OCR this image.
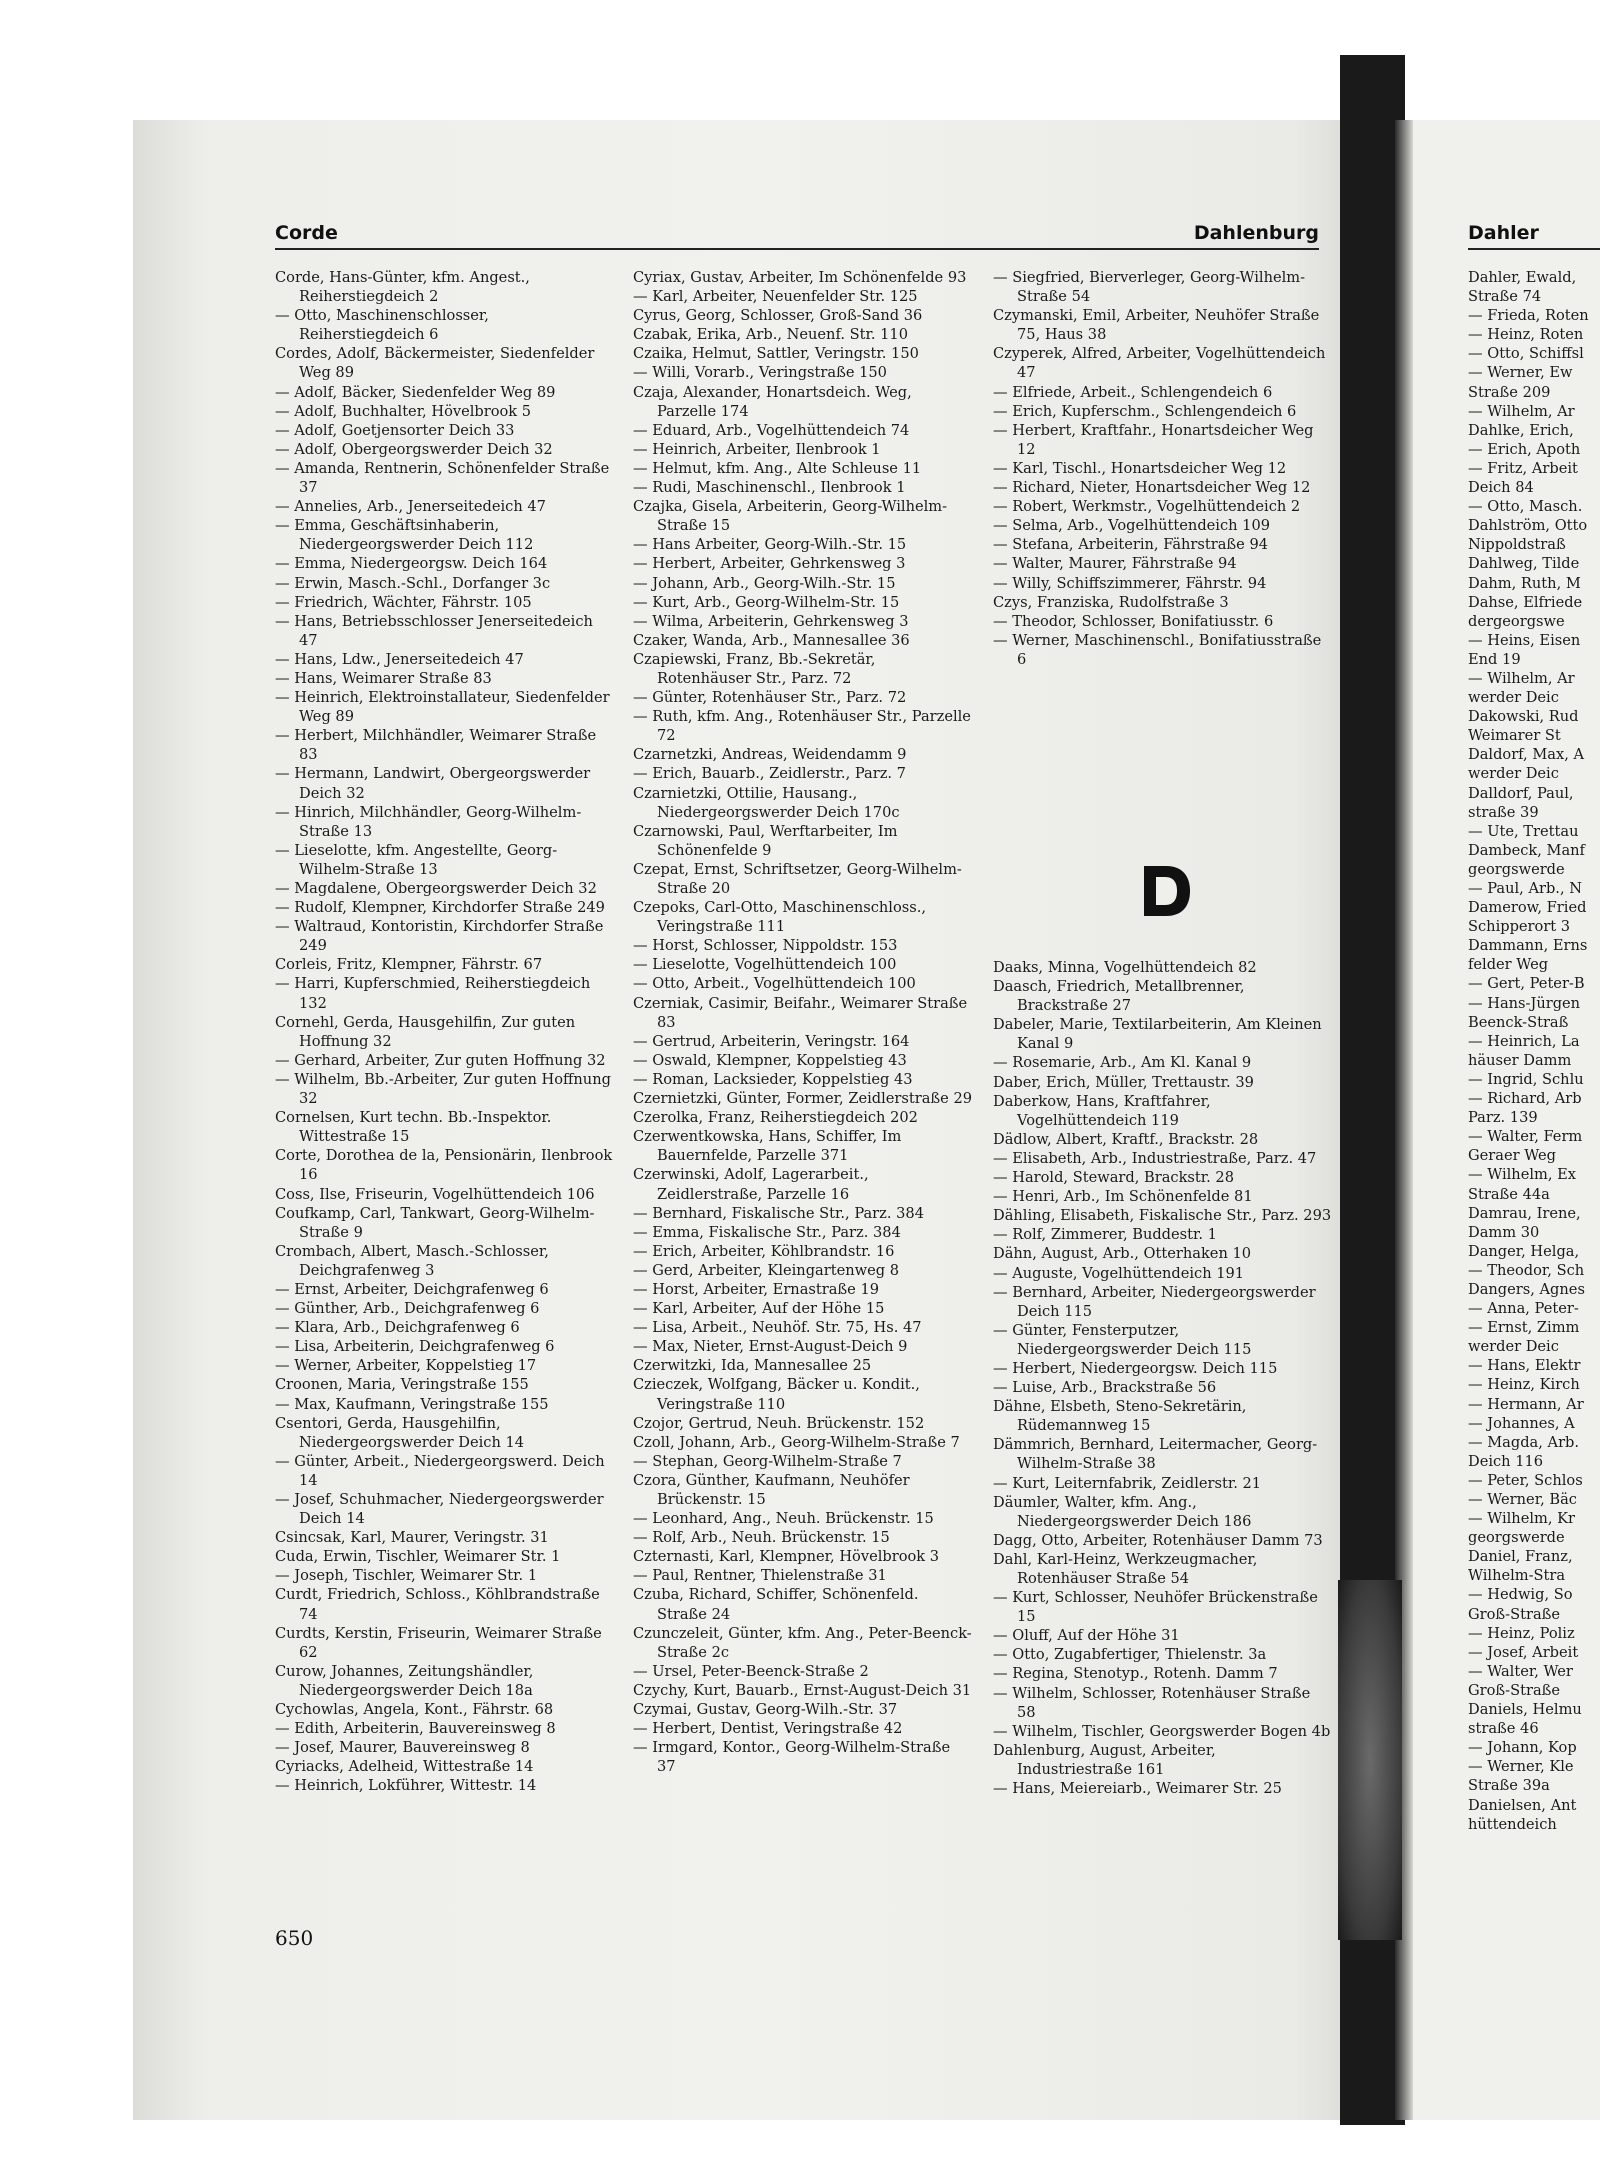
Corde	Dahlenburg	Dahler
Corde, Hans-Günter, kfm. Angest., Reiherstiegdeich 2
— Otto, Maschinenschlosser, Reiherstiegdeich 6
Cordes, Adolf, Bäckermeister, Siedenfelder Weg 89
— Adolf, Bäcker, Siedenfelder Weg 89
— Adolf, Buchhalter, Hövelbrook 5
— Adolf, Goetjensorter Deich 33
— Adolf, Obergeorgswerder Deich 32
— Amanda, Rentnerin, Schönenfelder Straße 37
— Annelies, Arb., Jenerseitedeich 47
— Emma, Geschäftsinhaberin, Niedergeorgswerder Deich 112
— Emma, Niedergeorgsw. Deich 164
— Erwin, Masch.-Schl., Dorfanger 3c
— Friedrich, Wächter, Fährstr. 105
— Hans, Betriebsschlosser Jenerseitedeich 47
— Hans, Ldw., Jenerseitedeich 47
— Hans, Weimarer Straße 83
— Heinrich, Elektroinstallateur, Siedenfelder Weg 89
— Herbert, Milchhändler, Weimarer Straße 83
— Hermann, Landwirt, Obergeorgswerder Deich 32
— Hinrich, Milchhändler, Georg-Wilhelm-Straße 13
— Lieselotte, kfm. Angestellte, Georg-Wilhelm-Straße 13
— Magdalene, Obergeorgswerder Deich 32
— Rudolf, Klempner, Kirchdorfer Straße 249
— Waltraud, Kontoristin, Kirchdorfer Straße 249
Corleis, Fritz, Klempner, Fährstr. 67
— Harri, Kupferschmied, Reiherstiegdeich 132
Cornehl, Gerda, Hausgehilfin, Zur guten Hoffnung 32
— Gerhard, Arbeiter, Zur guten Hoffnung 32
— Wilhelm, Bb.-Arbeiter, Zur guten Hoffnung 32
Cornelsen, Kurt techn. Bb.-Inspektor. Wittestraße 15
Corte, Dorothea de la, Pensionärin, Ilenbrook 16
Coss, Ilse, Friseurin, Vogelhüttendeich 106
Coufkamp, Carl, Tankwart, Georg-Wilhelm-Straße 9
Crombach, Albert, Masch.-Schlosser, Deichgrafenweg 3
— Ernst, Arbeiter, Deichgrafenweg 6
— Günther, Arb., Deichgrafenweg 6
— Klara, Arb., Deichgrafenweg 6
— Lisa, Arbeiterin, Deichgrafenweg 6
— Werner, Arbeiter, Koppelstieg 17
Croonen, Maria, Veringstraße 155
— Max, Kaufmann, Veringstraße 155
Csentori, Gerda, Hausgehilfin, Niedergeorgswerder Deich 14
— Günter, Arbeit., Niedergeorgswerd. Deich 14
— Josef, Schuhmacher, Niedergeorgswerder Deich 14
Csincsak, Karl, Maurer, Veringstr. 31
Cuda, Erwin, Tischler, Weimarer Str. 1
— Joseph, Tischler, Weimarer Str. 1
Curdt, Friedrich, Schloss., Köhlbrandstraße 74
Curdts, Kerstin, Friseurin, Weimarer Straße 62
Curow, Johannes, Zeitungshändler, Niedergeorgswerder Deich 18a
Cychowlas, Angela, Kont., Fährstr. 68
— Edith, Arbeiterin, Bauvereinsweg 8
— Josef, Maurer, Bauvereinsweg 8
Cyriacks, Adelheid, Wittestraße 14
— Heinrich, Lokführer, Wittestr. 14
Cyriax, Gustav, Arbeiter, Im Schönenfelde 93
— Karl, Arbeiter, Neuenfelder Str. 125
Cyrus, Georg, Schlosser, Groß-Sand 36
Czabak, Erika, Arb., Neuenf. Str. 110
Czaika, Helmut, Sattler, Veringstr. 150
— Willi, Vorarb., Veringstraße 150
Czaja, Alexander, Honartsdeich. Weg, Parzelle 174
— Eduard, Arb., Vogelhüttendeich 74
— Heinrich, Arbeiter, Ilenbrook 1
— Helmut, kfm. Ang., Alte Schleuse 11
— Rudi, Maschinenschl., Ilenbrook 1
Czajka, Gisela, Arbeiterin, Georg-Wilhelm-Straße 15
— Hans Arbeiter, Georg-Wilh.-Str. 15
— Herbert, Arbeiter, Gehrkensweg 3
— Johann, Arb., Georg-Wilh.-Str. 15
— Kurt, Arb., Georg-Wilhelm-Str. 15
— Wilma, Arbeiterin, Gehrkensweg 3
Czaker, Wanda, Arb., Mannesallee 36
Czapiewski, Franz, Bb.-Sekretär, Rotenhäuser Str., Parz. 72
— Günter, Rotenhäuser Str., Parz. 72
— Ruth, kfm. Ang., Rotenhäuser Str., Parzelle 72
Czarnetzki, Andreas, Weidendamm 9
— Erich, Bauarb., Zeidlerstr., Parz. 7
Czarnietzki, Ottilie, Hausang., Niedergeorgswerder Deich 170c
Czarnowski, Paul, Werftarbeiter, Im Schönenfelde 9
Czepat, Ernst, Schriftsetzer, Georg-Wilhelm-Straße 20
Czepoks, Carl-Otto, Maschinenschloss., Veringstraße 111
— Horst, Schlosser, Nippoldstr. 153
— Lieselotte, Vogelhüttendeich 100
— Otto, Arbeit., Vogelhüttendeich 100
Czerniak, Casimir, Beifahr., Weimarer Straße 83
— Gertrud, Arbeiterin, Veringstr. 164
— Oswald, Klempner, Koppelstieg 43
— Roman, Lacksieder, Koppelstieg 43
Czernietzki, Günter, Former, Zeidlerstraße 29
Czerolka, Franz, Reiherstiegdeich 202
Czerwentkowska, Hans, Schiffer, Im Bauernfelde, Parzelle 371
Czerwinski, Adolf, Lagerarbeit., Zeidlerstraße, Parzelle 16
— Bernhard, Fiskalische Str., Parz. 384
— Emma, Fiskalische Str., Parz. 384
— Erich, Arbeiter, Köhlbrandstr. 16
— Gerd, Arbeiter, Kleingartenweg 8
— Horst, Arbeiter, Ernastraße 19
— Karl, Arbeiter, Auf der Höhe 15
— Lisa, Arbeit., Neuhöf. Str. 75, Hs. 47
— Max, Nieter, Ernst-August-Deich 9
Czerwitzki, Ida, Mannesallee 25
Czieczek, Wolfgang, Bäcker u. Kondit., Veringstraße 110
Czojor, Gertrud, Neuh. Brückenstr. 152
Czoll, Johann, Arb., Georg-Wilhelm-Straße 7
— Stephan, Georg-Wilhelm-Straße 7
Czora, Günther, Kaufmann, Neuhöfer Brückenstr. 15
— Leonhard, Ang., Neuh. Brückenstr. 15
— Rolf, Arb., Neuh. Brückenstr. 15
Czternasti, Karl, Klempner, Hövelbrook 3
— Paul, Rentner, Thielenstraße 31
Czuba, Richard, Schiffer, Schönenfeld. Straße 24
Czunczeleit, Günter, kfm. Ang., Peter-Beenck-Straße 2c
— Ursel, Peter-Beenck-Straße 2
Czychy, Kurt, Bauarb., Ernst-August-Deich 31
Czymai, Gustav, Georg-Wilh.-Str. 37
— Herbert, Dentist, Veringstraße 42
— Irmgard, Kontor., Georg-Wilhelm-Straße 37
— Siegfried, Bierverleger, Georg-Wilhelm-Straße 54
Czymanski, Emil, Arbeiter, Neuhöfer Straße 75, Haus 38
Czyperek, Alfred, Arbeiter, Vogelhüttendeich 47
— Elfriede, Arbeit., Schlengendeich 6
— Erich, Kupferschm., Schlengendeich 6
— Herbert, Kraftfahr., Honartsdeicher Weg 12
— Karl, Tischl., Honartsdeicher Weg 12
— Richard, Nieter, Honartsdeicher Weg 12
— Robert, Werkmstr., Vogelhüttendeich 2
— Selma, Arb., Vogelhüttendeich 109
— Stefana, Arbeiterin, Fährstraße 94
— Walter, Maurer, Fährstraße 94
— Willy, Schiffszimmerer, Fährstr. 94
Czys, Franziska, Rudolfstraße 3
— Theodor, Schlosser, Bonifatiusstr. 6
— Werner, Maschinenschl., Bonifatiusstraße 6
D
Daaks, Minna, Vogelhüttendeich 82
Daasch, Friedrich, Metallbrenner, Brackstraße 27
Dabeler, Marie, Textilarbeiterin, Am Kleinen Kanal 9
— Rosemarie, Arb., Am Kl. Kanal 9
Daber, Erich, Müller, Trettaustr. 39
Daberkow, Hans, Kraftfahrer, Vogelhüttendeich 119
Dädlow, Albert, Kraftf., Brackstr. 28
— Elisabeth, Arb., Industriestraße, Parz. 47
— Harold, Steward, Brackstr. 28
— Henri, Arb., Im Schönenfelde 81
Dähling, Elisabeth, Fiskalische Str., Parz. 293
— Rolf, Zimmerer, Buddestr. 1
Dähn, August, Arb., Otterhaken 10
— Auguste, Vogelhüttendeich 191
— Bernhard, Arbeiter, Niedergeorgswerder Deich 115
— Günter, Fensterputzer, Niedergeorgswerder Deich 115
— Herbert, Niedergeorgsw. Deich 115
— Luise, Arb., Brackstraße 56
Dähne, Elsbeth, Steno-Sekretärin, Rüdemannweg 15
Dämmrich, Bernhard, Leitermacher, Georg-Wilhelm-Straße 38
— Kurt, Leiternfabrik, Zeidlerstr. 21
Däumler, Walter, kfm. Ang., Niedergeorgswerder Deich 186
Dagg, Otto, Arbeiter, Rotenhäuser Damm 73
Dahl, Karl-Heinz, Werkzeugmacher, Rotenhäuser Straße 54
— Kurt, Schlosser, Neuhöfer Brückenstraße 15
— Oluff, Auf der Höhe 31
— Otto, Zugabfertiger, Thielenstr. 3a
— Regina, Stenotyp., Rotenh. Damm 7
— Wilhelm, Schlosser, Rotenhäuser Straße 58
— Wilhelm, Tischler, Georgswerder Bogen 4b
Dahlenburg, August, Arbeiter, Industriestraße 161
— Hans, Meiereiarb., Weimarer Str. 25
Dahler, Ewald,
Straße 74
— Frieda, Roten
— Heinz, Roten
— Otto, Schiffsl
— Werner, Ew
Straße 209
— Wilhelm, Ar
Dahlke, Erich,
— Erich, Apoth
— Fritz, Arbeit
Deich 84
— Otto, Masch.
Dahlström, Otto
Nippoldstraß
Dahlweg, Tilde
Dahm, Ruth, M
Dahse, Elfriede
dergeorgswe
— Heins, Eisen
End 19
— Wilhelm, Ar
werder Deic
Dakowski, Rud
Weimarer St
Daldorf, Max, A
werder Deic
Dalldorf, Paul,
straße 39
— Ute, Trettau
Dambeck, Manf
georgswerde
— Paul, Arb., N
Damerow, Fried
Schipperort 3
Dammann, Erns
felder Weg
— Gert, Peter-B
— Hans-Jürgen
Beenck-Straß
— Heinrich, La
häuser Damm
— Ingrid, Schlu
— Richard, Arb
Parz. 139
— Walter, Ferm
Geraer Weg
— Wilhelm, Ex
Straße 44a
Damrau, Irene,
Damm 30
Danger, Helga,
— Theodor, Sch
Dangers, Agnes
— Anna, Peter-
— Ernst, Zimm
werder Deic
— Hans, Elektr
— Heinz, Kirch
— Hermann, Ar
— Johannes, A
— Magda, Arb.
Deich 116
— Peter, Schlos
— Werner, Bäc
— Wilhelm, Kr
georgswerde
Daniel, Franz,
Wilhelm-Stra
— Hedwig, So
Groß-Straße
— Heinz, Poliz
— Josef, Arbeit
— Walter, Wer
Groß-Straße
Daniels, Helmu
straße 46
— Johann, Kop
— Werner, Kle
Straße 39a
Danielsen, Ant
hüttendeich
650
